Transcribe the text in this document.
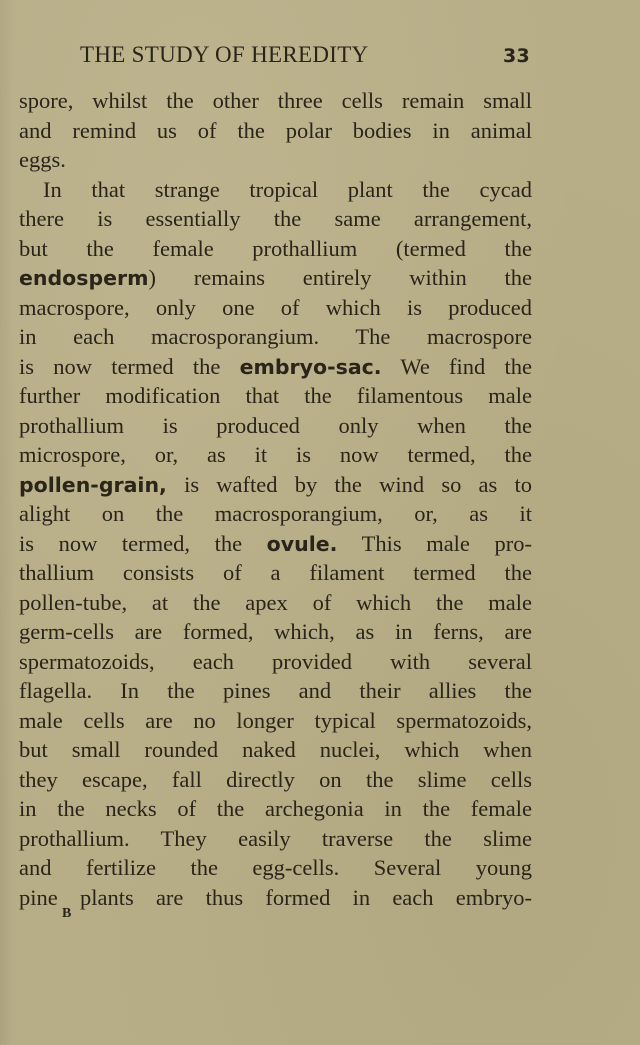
THE STUDY OF HEREDITY	33
spore, whilst the other three cells remain small
and remind us of the polar bodies in animal
eggs.
In that strange tropical plant the cycad
there is essentially the same arrangement,
but the female prothallium (termed the
endosperm) remains entirely within the
macrospore, only one of which is produced
in each macrosporangium. The macrospore
is now termed the embryo-sac. We find the
further modification that the filamentous male
prothallium is produced only when the
microspore, or, as it is now termed, the
pollen-grain, is wafted by the wind so as to
alight on the macrosporangium, or, as it
is now termed, the ovule. This male pro-
thallium consists of a filament termed the
pollen-tube, at the apex of which the male
germ-cells are formed, which, as in ferns, are
spermatozoids, each provided with several
flagella. In the pines and their allies the
male cells are no longer typical spermatozoids,
but small rounded naked nuclei, which when
they escape, fall directly on the slime cells
in the necks of the archegonia in the female
prothallium. They easily traverse the slime
and fertilize the egg-cells. Several young
pine plants are thus formed in each embryo-
B
